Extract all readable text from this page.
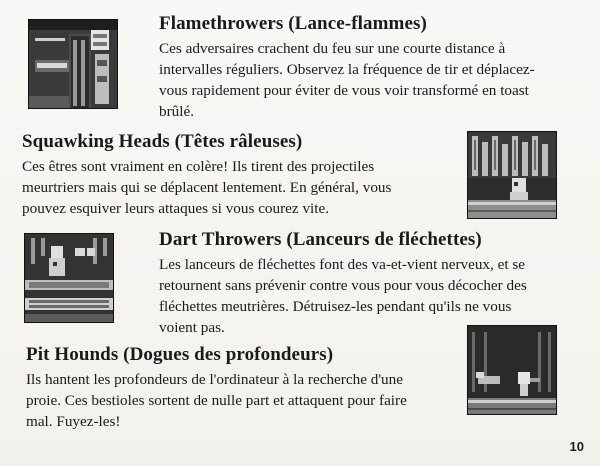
Flamethrowers (Lance-flammes)
Ces adversaires crachent du feu sur une courte distance à
intervalles réguliers. Observez la fréquence de tir et déplacez-
vous rapidement pour éviter de vous voir transformé en toast
brûlé.
Squawking Heads (Têtes râleuses)
Ces êtres sont vraiment en colère! Ils tirent des projectiles
meurtriers mais qui se déplacent lentement. En général, vous
pouvez esquiver leurs attaques si vous courez vite.
Dart Throwers (Lanceurs de fléchettes)
Les lanceurs de fléchettes font des va-et-vient nerveux, et se
retournent sans prévenir contre vous pour vous décocher des
fléchettes meutrières. Détruisez-les pendant qu'ils ne vous
voient pas.
Pit Hounds (Dogues des profondeurs)
Ils hantent les profondeurs de l'ordinateur à la recherche d'une
proie. Ces bestioles sortent de nulle part et attaquent pour faire
mal. Fuyez-les!
10
